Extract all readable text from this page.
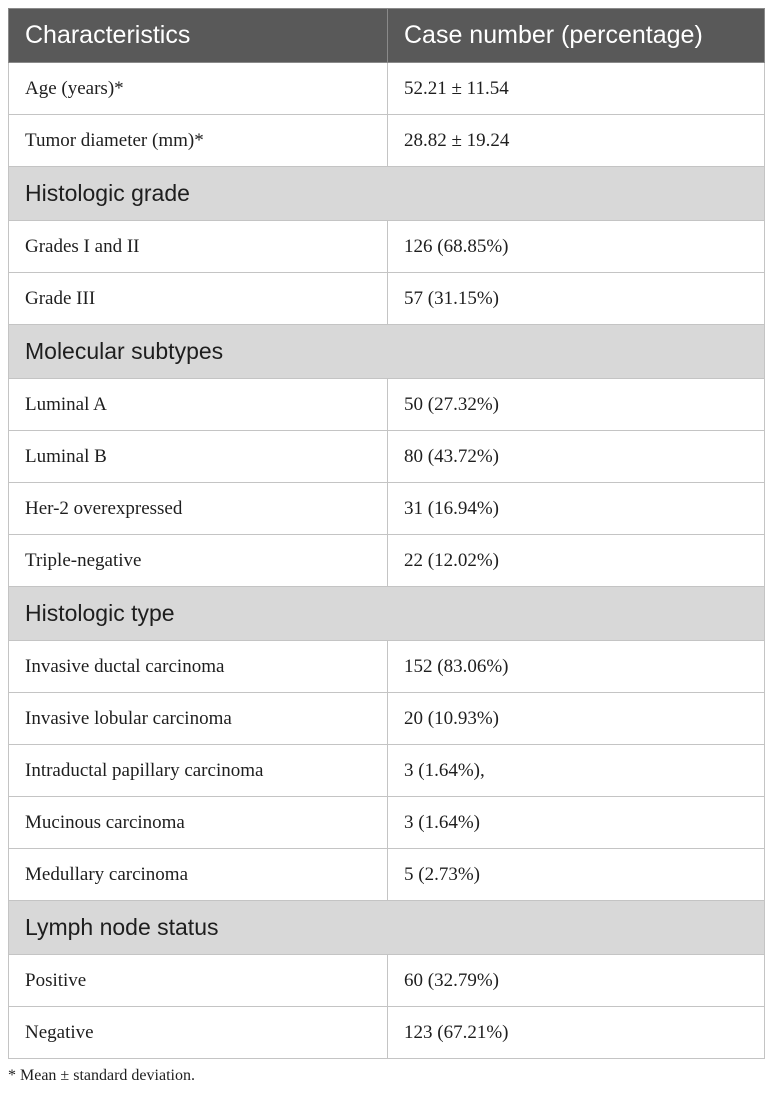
Characteristics	Case number (percentage)
Age (years)*	52.21 ± 11.54
Tumor diameter (mm)*	28.82 ± 19.24
Histologic grade	
Grades I and II	126 (68.85%)
Grade III	57 (31.15%)
Molecular subtypes	
Luminal A	50 (27.32%)
Luminal B	80 (43.72%)
Her-2 overexpressed	31 (16.94%)
Triple-negative	22 (12.02%)
Histologic type	
Invasive ductal carcinoma	152 (83.06%)
Invasive lobular carcinoma	20 (10.93%)
Intraductal papillary carcinoma	3 (1.64%),
Mucinous carcinoma	3 (1.64%)
Medullary carcinoma	5 (2.73%)
Lymph node status	
Positive	60 (32.79%)
Negative	123 (67.21%)
* Mean ± standard deviation.
